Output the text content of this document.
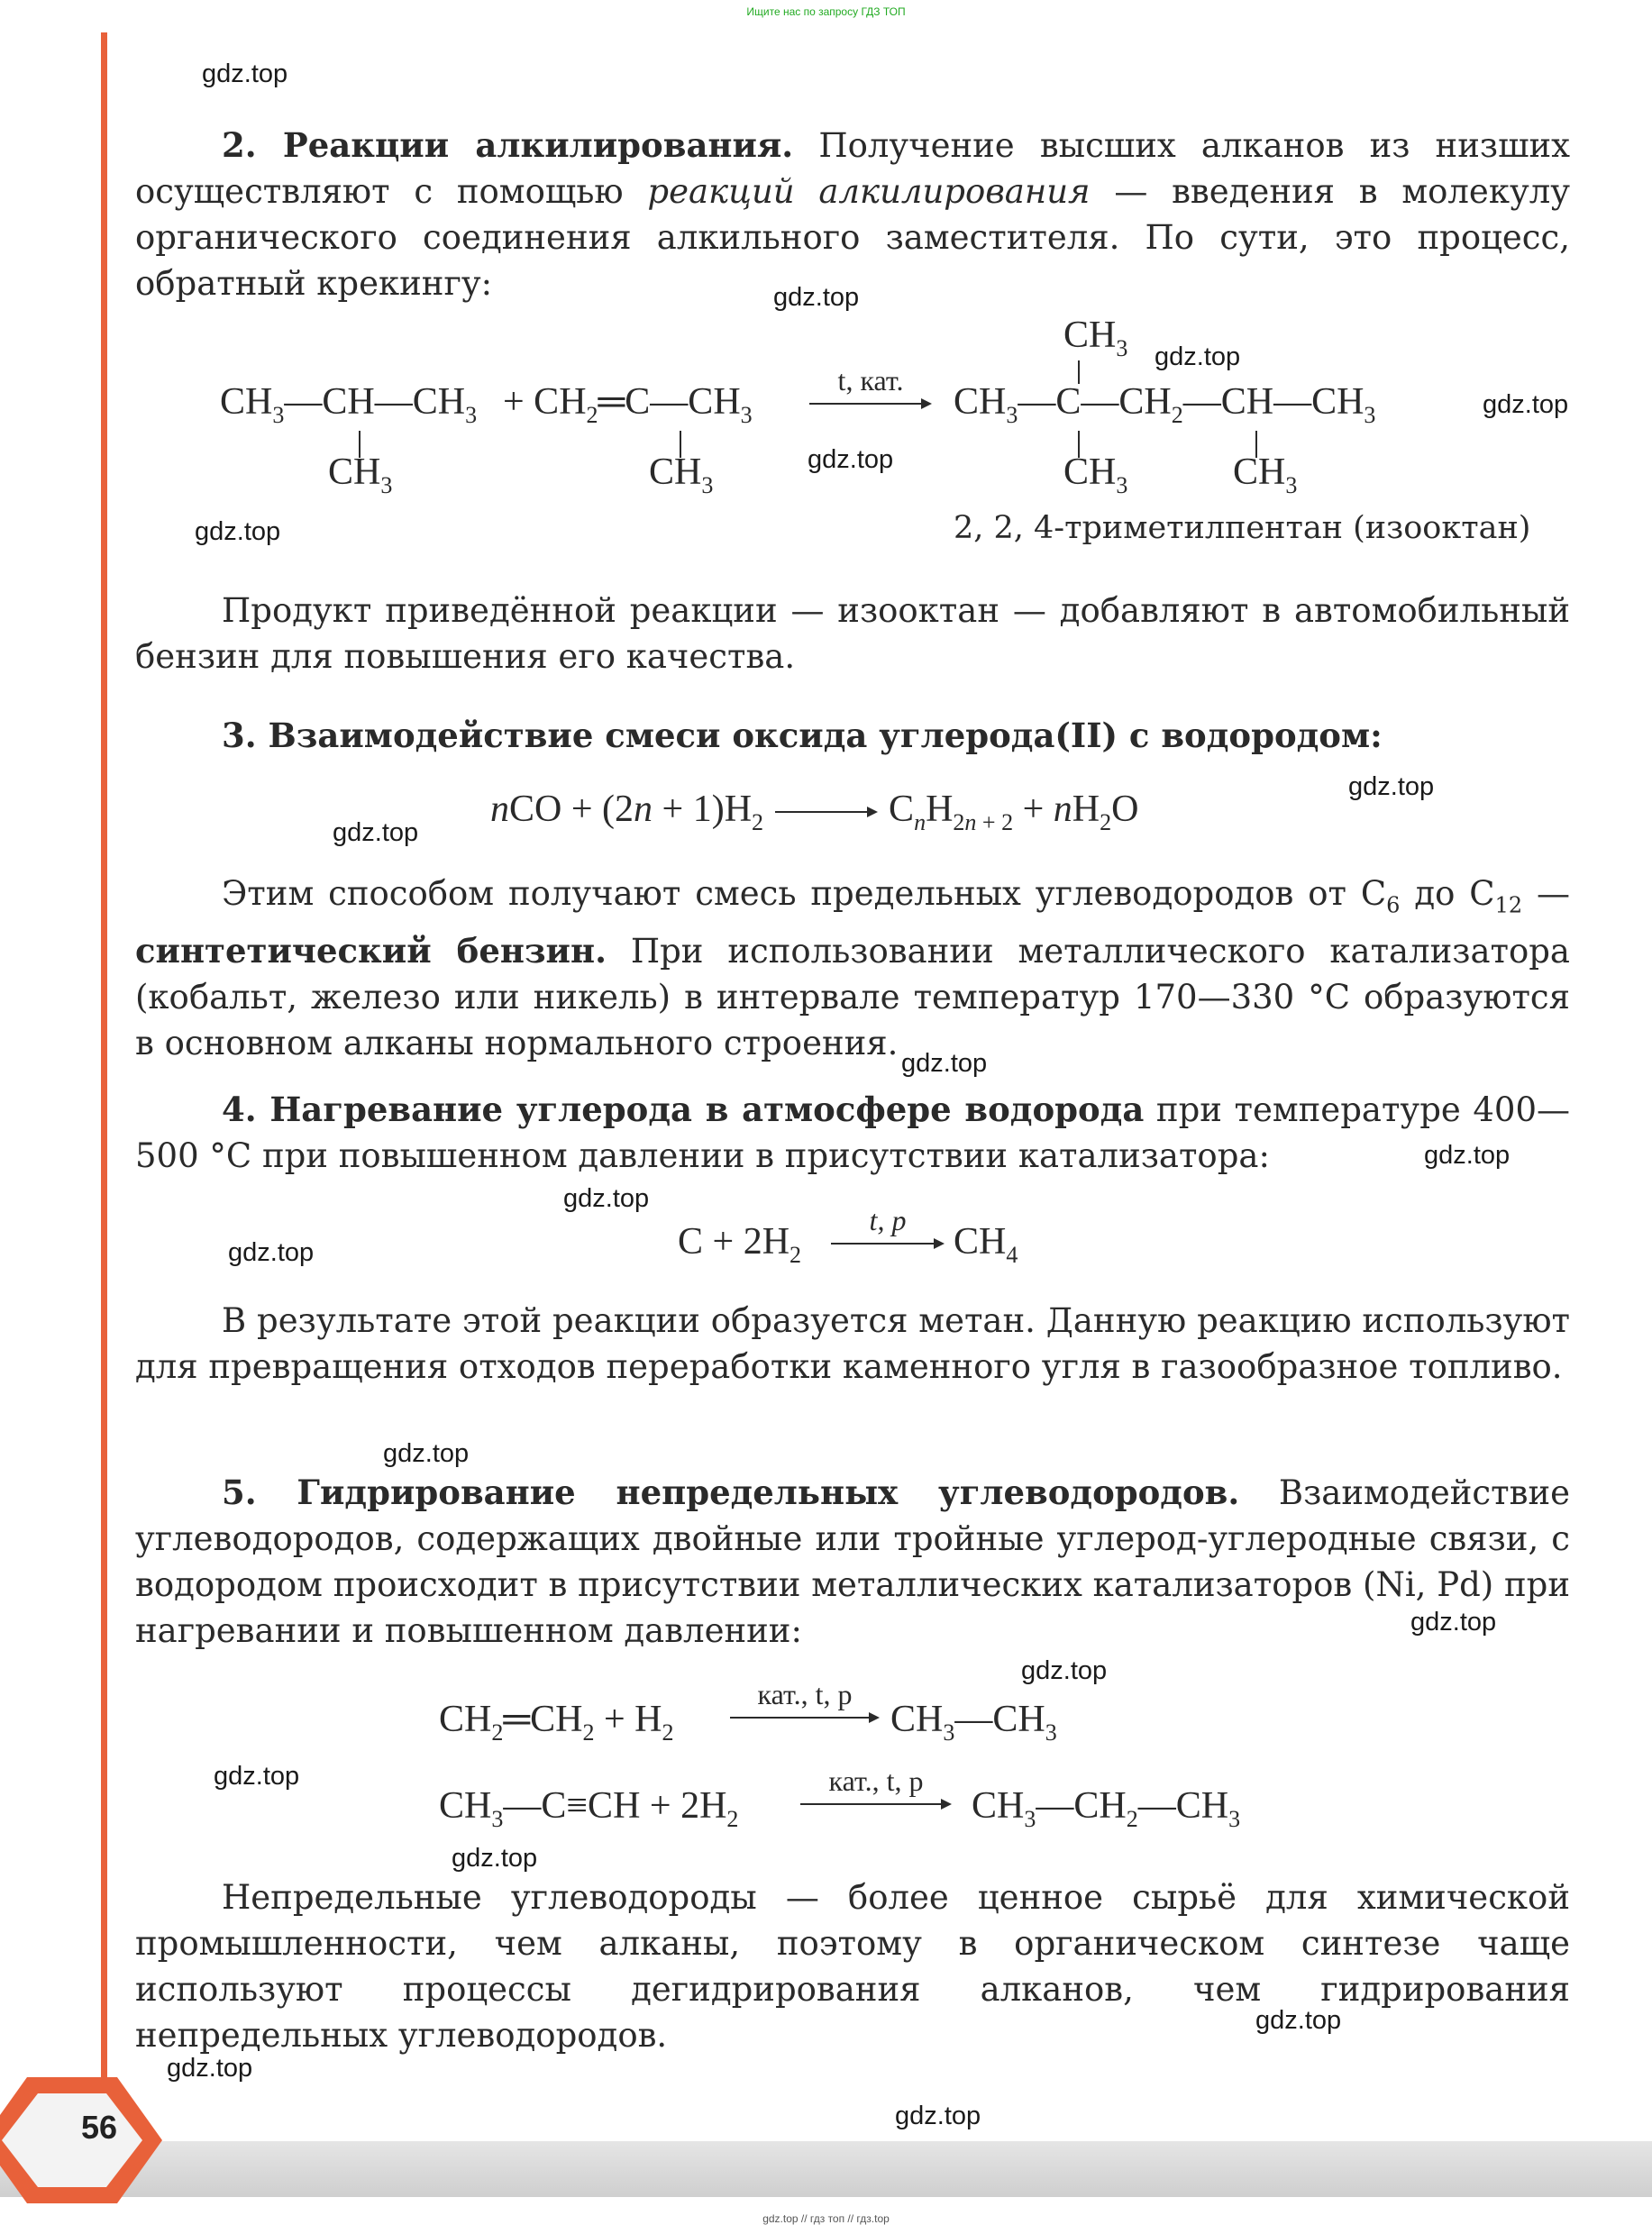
Ищите нас по запросу ГДЗ ТОП
gdz.top
gdz.top
gdz.top
gdz.top
gdz.top
gdz.top
gdz.top
gdz.top
gdz.top
gdz.top
gdz.top
gdz.top
gdz.top
gdz.top
gdz.top
gdz.top
gdz.top
gdz.top
gdz.top
gdz.top

2. Реакции алкилирования. Получение высших алканов из низших осуществляют с помощью реакций алкилирования — введения в молекулу органического соединения алкильного заместителя. По сути, это процесс, обратный крекингу:

$CH_3—CH—CH_3$
$CH_3$
+ $CH_2═C—CH_3$
$CH_3$
t, кат.
$CH_3$
$CH_3—C—CH_2—CH—CH_3$
$CH_3$	$CH_3$
2, 2, 4-триметилпентан (изооктан)

Продукт приведённой реакции — изооктан — добавляют в автомобильный бензин для повышения его качества.

3. Взаимодействие смеси оксида углерода(II) с водородом:

nCO + $(2n + 1)H_2$	$C_nH_{2n + 2} + nH_2O$

Этим способом получают смесь предельных углеводородов от $C_6$ до $C_{12}$ — синтетический бензин. При использовании металлического катализатора (кобальт, железо или никель) в интервале температур 170—330 °C образуются в основном алканы нормального строения.

4. Нагревание углерода в атмосфере водорода при температуре 400—500 °C при повышенном давлении в присутствии катализатора:

$C + 2H_2$
t, p
$CH_4$

В результате этой реакции образуется метан. Данную реакцию используют для превращения отходов переработки каменного угля в газообразное топливо.

5. Гидрирование непредельных углеводородов. Взаимодействие углеводородов, содержащих двойные или тройные углерод-углеродные связи, с водородом происходит в присутствии металлических катализаторов (Ni, Pd) при нагревании и повышенном давлении:

$CH_2═CH_2 + H_2$
кат., t, p
$CH_3—CH_3$
$CH_3—C\equiv CH + 2H_2$
кат., t, p
$CH_3—CH_2—CH_3$

Непредельные углеводороды — более ценное сырьё для химической промышленности, чем алканы, поэтому в органическом синтезе чаще используют процессы дегидрирования алканов, чем гидрирования непредельных углеводородов.

56
gdz.top // гдз топ // гдз.top
